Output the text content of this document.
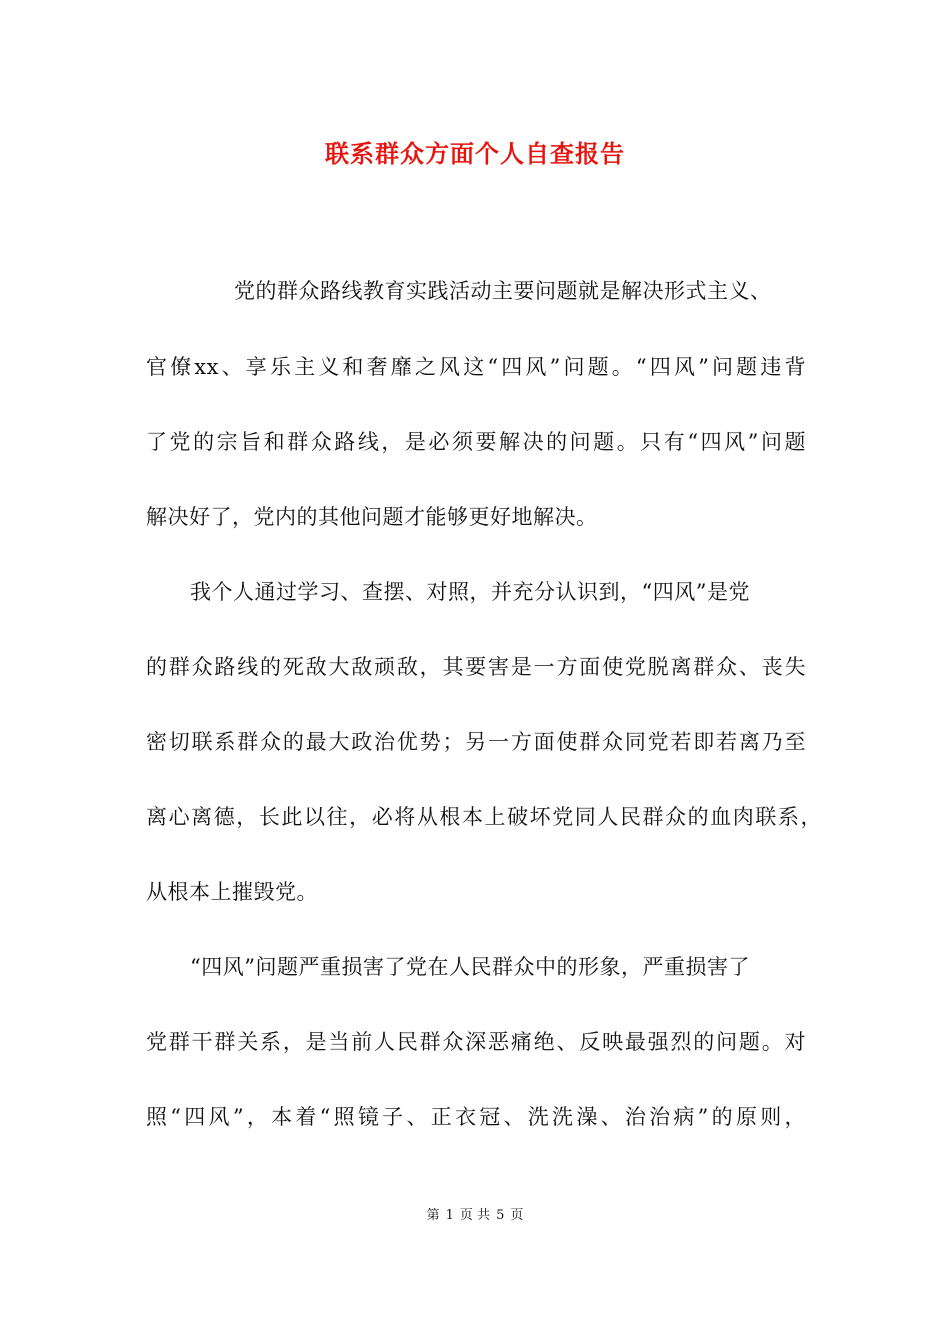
联系群众方面个人自查报告
党的群众路线教育实践活动主要问题就是解决形式主义、
官僚xx、享乐主义和奢靡之风这“四风”问题。“四风”问题违背
了党的宗旨和群众路线，是必须要解决的问题。只有“四风”问题
解决好了，党内的其他问题才能够更好地解决。
我个人通过学习、查摆、对照，并充分认识到，“四风”是党
的群众路线的死敌大敌顽敌，其要害是一方面使党脱离群众、丧失
密切联系群众的最大政治优势；另一方面使群众同党若即若离乃至
离心离德，长此以往，必将从根本上破坏党同人民群众的血肉联系，
从根本上摧毁党。
“四风”问题严重损害了党在人民群众中的形象，严重损害了
党群干群关系，是当前人民群众深恶痛绝、反映最强烈的问题。对
照“四风”，本着“照镜子、正衣冠、洗洗澡、治治病”的原则，
第 1 页 共 5 页
